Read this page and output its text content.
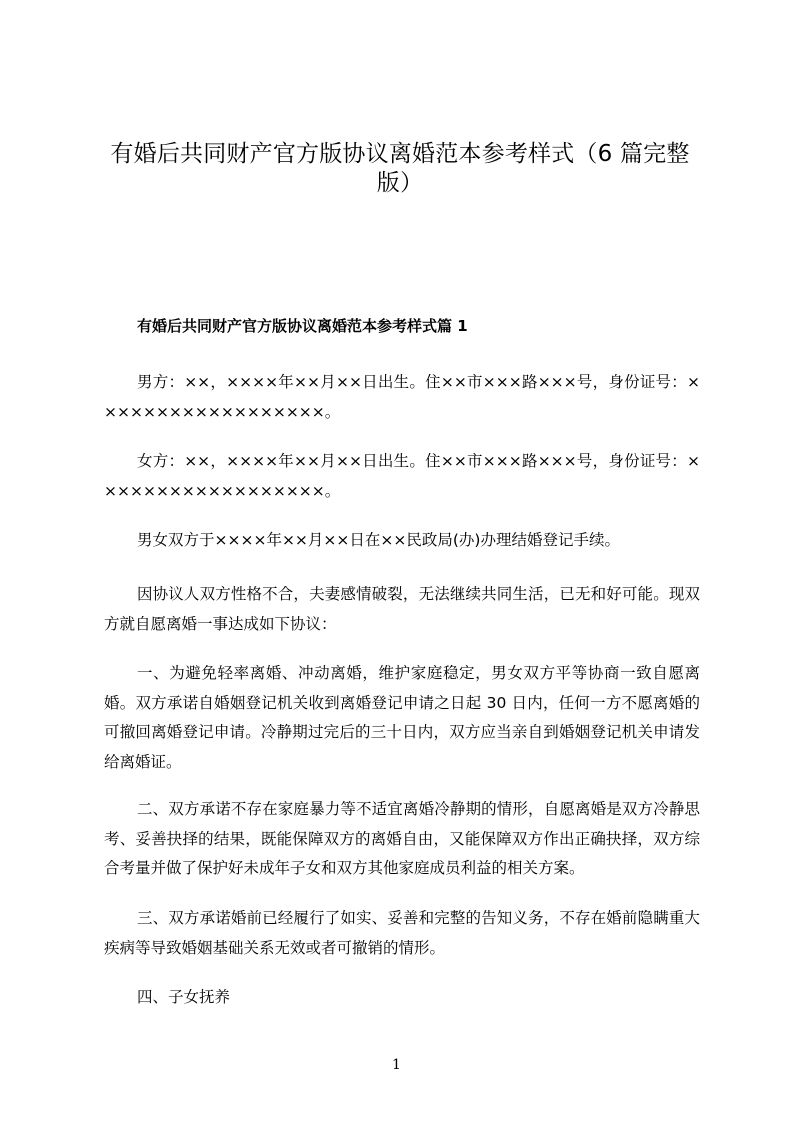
有婚后共同财产官方版协议离婚范本参考样式（6 篇完整版）
有婚后共同财产官方版协议离婚范本参考样式篇 1

男方：××，××××年××月××日出生。住××市×××路×××号，身份证号：××××××××××××××××××。

女方：××，××××年××月××日出生。住××市×××路×××号，身份证号：××××××××××××××××××。

男女双方于××××年××月××日在××民政局(办)办理结婚登记手续。

因协议人双方性格不合，夫妻感情破裂，无法继续共同生活，已无和好可能。现双方就自愿离婚一事达成如下协议：

一、为避免轻率离婚、冲动离婚，维护家庭稳定，男女双方平等协商一致自愿离婚。双方承诺自婚姻登记机关收到离婚登记申请之日起 30 日内，任何一方不愿离婚的可撤回离婚登记申请。冷静期过完后的三十日内，双方应当亲自到婚姻登记机关申请发给离婚证。

二、双方承诺不存在家庭暴力等不适宜离婚冷静期的情形，自愿离婚是双方冷静思考、妥善抉择的结果，既能保障双方的离婚自由，又能保障双方作出正确抉择，双方综合考量并做了保护好未成年子女和双方其他家庭成员利益的相关方案。

三、双方承诺婚前已经履行了如实、妥善和完整的告知义务，不存在婚前隐瞒重大疾病等导致婚姻基础关系无效或者可撤销的情形。

四、子女抚养

1
